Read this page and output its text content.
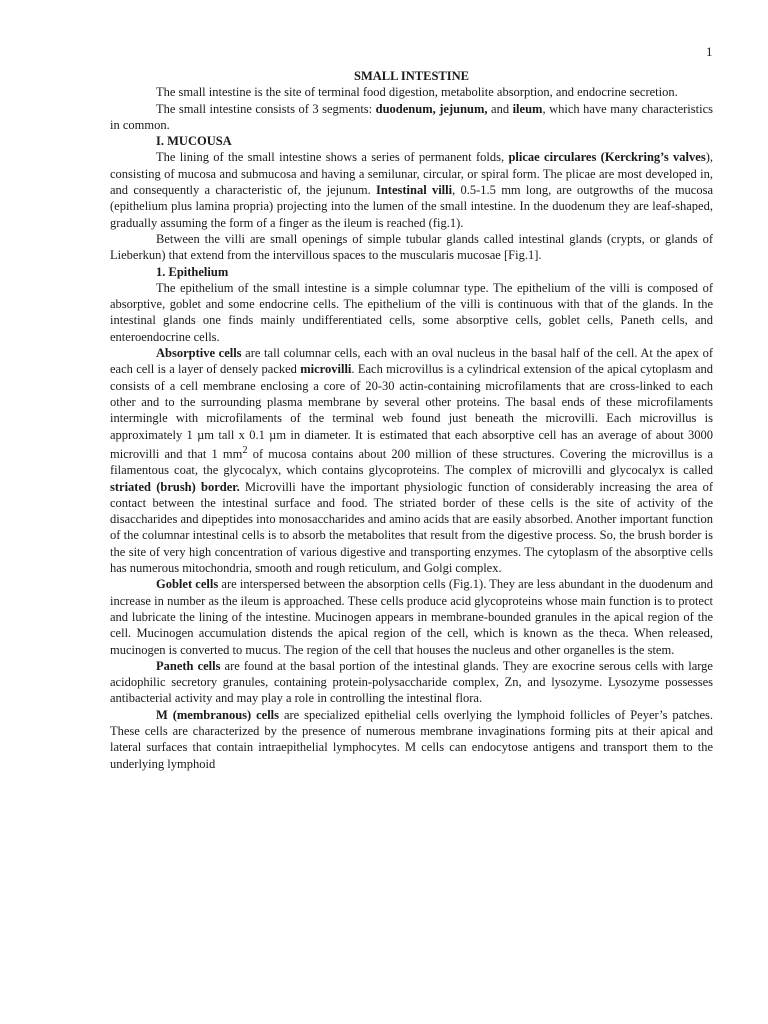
1

SMALL INTESTINE

The small intestine is the site of terminal food digestion, metabolite absorption, and endocrine secretion.

The small intestine consists of 3 segments: duodenum, jejunum, and ileum, which have many characteristics in common.

I. MUCOUSA

The lining of the small intestine shows a series of permanent folds, plicae circulares (Kerckring’s valves), consisting of mucosa and submucosa and having a semilunar, circular, or spiral form. The plicae are most developed in, and consequently a characteristic of, the jejunum. Intestinal villi, 0.5-1.5 mm long, are outgrowths of the mucosa (epithelium plus lamina propria) projecting into the lumen of the small intestine. In the duodenum they are leaf-shaped, gradually assuming the form of a finger as the ileum is reached (fig.1).

Between the villi are small openings of simple tubular glands called intestinal glands (crypts, or glands of Lieberkun) that extend from the intervillous spaces to the muscularis mucosae [Fig.1].

1. Epithelium

The epithelium of the small intestine is a simple columnar type. The epithelium of the villi is composed of absorptive, goblet and some endocrine cells. The epithelium of the villi is continuous with that of the glands. In the intestinal glands one finds mainly undifferentiated cells, some absorptive cells, goblet cells, Paneth cells, and enteroendocrine cells.

Absorptive cells are tall columnar cells, each with an oval nucleus in the basal half of the cell. At the apex of each cell is a layer of densely packed microvilli. Each microvillus is a cylindrical extension of the apical cytoplasm and consists of a cell membrane enclosing a core of 20-30 actin-containing microfilaments that are cross-linked to each other and to the surrounding plasma membrane by several other proteins. The basal ends of these microfilaments intermingle with microfilaments of the terminal web found just beneath the microvilli. Each microvillus is approximately 1 µm tall x 0.1 µm in diameter. It is estimated that each absorptive cell has an average of about 3000 microvilli and that 1 $mm^2$ of mucosa contains about 200 million of these structures. Covering the microvillus is a filamentous coat, the glycocalyx, which contains glycoproteins. The complex of microvilli and glycocalyx is called striated (brush) border. Microvilli have the important physiologic function of considerably increasing the area of contact between the intestinal surface and food. The striated border of these cells is the site of activity of the disaccharides and dipeptides into monosaccharides and amino acids that are easily absorbed. Another important function of the columnar intestinal cells is to absorb the metabolites that result from the digestive process. So, the brush border is the site of very high concentration of various digestive and transporting enzymes. The cytoplasm of the absorptive cells has numerous mitochondria, smooth and rough reticulum, and Golgi complex.

Goblet cells are interspersed between the absorption cells (Fig.1). They are less abundant in the duodenum and increase in number as the ileum is approached. These cells produce acid glycoproteins whose main function is to protect and lubricate the lining of the intestine. Mucinogen appears in membrane-bounded granules in the apical region of the cell. Mucinogen accumulation distends the apical region of the cell, which is known as the theca. When released, mucinogen is converted to mucus. The region of the cell that houses the nucleus and other organelles is the stem.

Paneth cells are found at the basal portion of the intestinal glands. They are exocrine serous cells with large acidophilic secretory granules, containing protein-polysaccharide complex, Zn, and lysozyme. Lysozyme possesses antibacterial activity and may play a role in controlling the intestinal flora.

M (membranous) cells are specialized epithelial cells overlying the lymphoid follicles of Peyer’s patches. These cells are characterized by the presence of numerous membrane invaginations forming pits at their apical and lateral surfaces that contain intraepithelial lymphocytes. M cells can endocytose antigens and transport them to the underlying lymphoid
